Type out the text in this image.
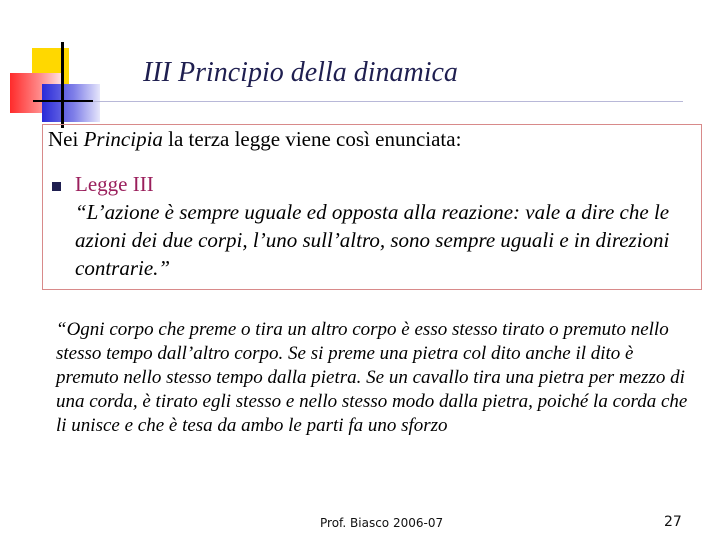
III Principio della dinamica
Nei Principia la terza legge viene così enunciata:
Legge III
“L’azione è sempre uguale ed opposta alla reazione: vale a dire che le azioni dei due corpi, l’uno sull’altro, sono sempre uguali e in direzioni contrarie.”
“Ogni corpo che preme o tira un altro corpo è esso stesso tirato o premuto nello stesso tempo dall’altro corpo. Se si preme una pietra col dito anche il dito è premuto nello stesso tempo dalla pietra. Se un cavallo tira una pietra per mezzo di una corda, è tirato egli stesso e nello stesso modo dalla pietra, poiché la corda che li unisce e che è tesa da ambo le parti fa uno sforzo
Prof. Biasco 2006-07	27
